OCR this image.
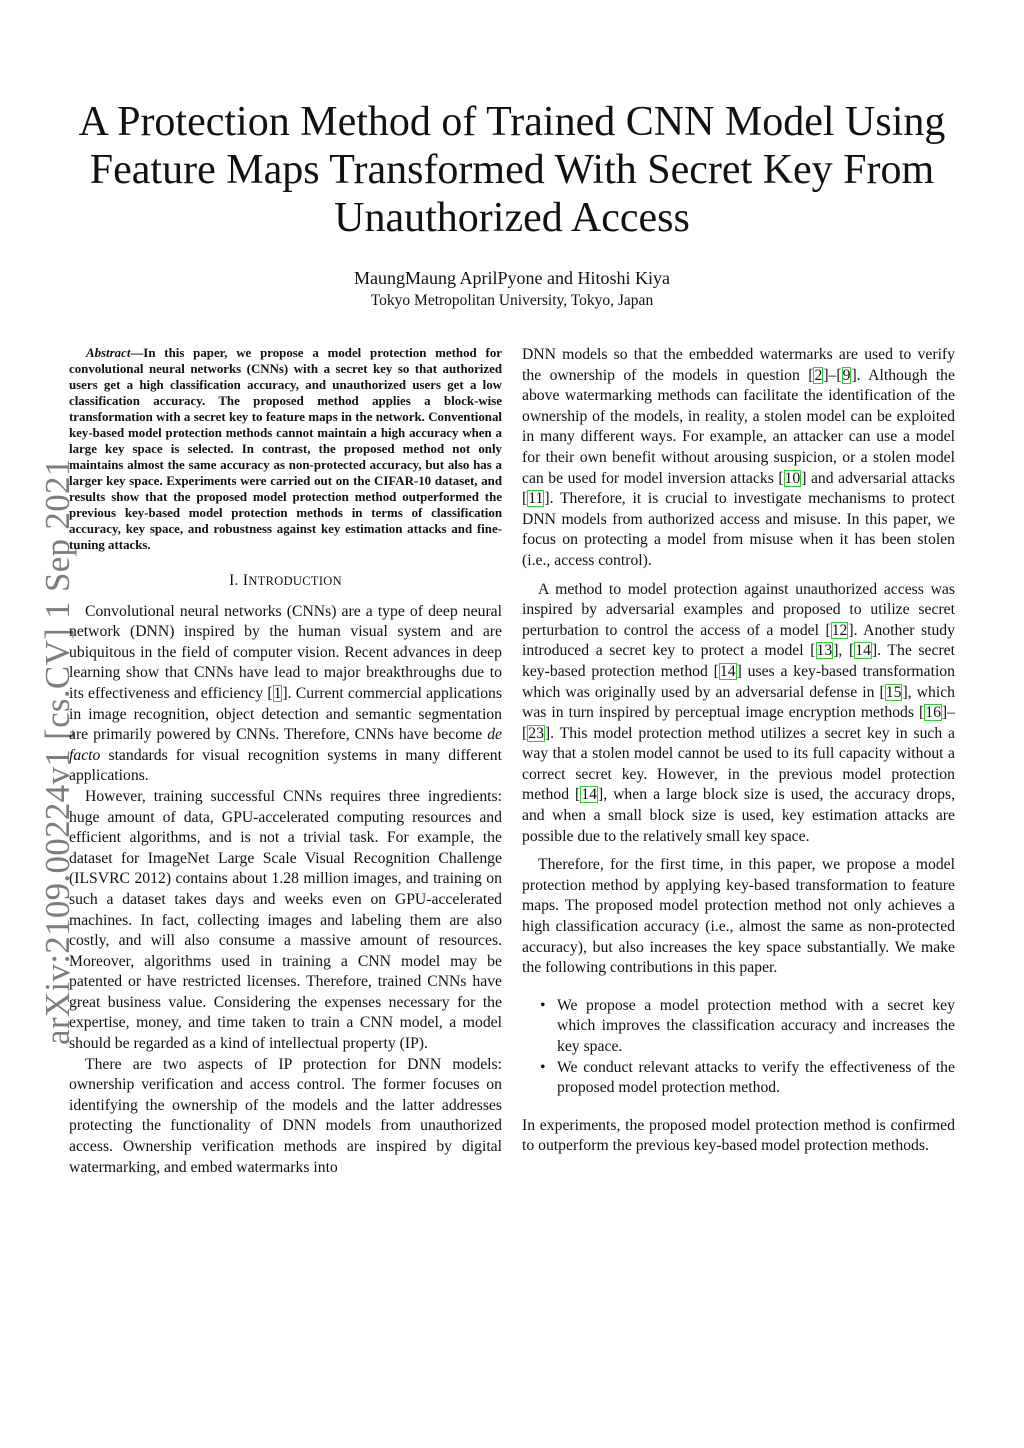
arXiv:2109.00224v1 [cs.CV] 1 Sep 2021
A Protection Method of Trained CNN Model Using Feature Maps Transformed With Secret Key From Unauthorized Access
MaungMaung AprilPyone and Hitoshi Kiya
Tokyo Metropolitan University, Tokyo, Japan

Abstract—In this paper, we propose a model protection method for convolutional neural networks (CNNs) with a secret key so that authorized users get a high classification accuracy, and unauthorized users get a low classification accuracy. The proposed method applies a block-wise transformation with a secret key to feature maps in the network. Conventional key-based model protection methods cannot maintain a high accuracy when a large key space is selected. In contrast, the proposed method not only maintains almost the same accuracy as non-protected accuracy, but also has a larger key space. Experiments were carried out on the CIFAR-10 dataset, and results show that the proposed model protection method outperformed the previous key-based model protection methods in terms of classification accuracy, key space, and robustness against key estimation attacks and fine-tuning attacks.

I. INTRODUCTION

Convolutional neural networks (CNNs) are a type of deep neural network (DNN) inspired by the human visual system and are ubiquitous in the field of computer vision. Recent advances in deep learning show that CNNs have lead to major breakthroughs due to its effectiveness and efficiency [1]. Current commercial applications in image recognition, object detection and semantic segmentation are primarily powered by CNNs. Therefore, CNNs have become de facto standards for visual recognition systems in many different applications.

However, training successful CNNs requires three ingredients: huge amount of data, GPU-accelerated computing resources and efficient algorithms, and is not a trivial task. For example, the dataset for ImageNet Large Scale Visual Recognition Challenge (ILSVRC 2012) contains about 1.28 million images, and training on such a dataset takes days and weeks even on GPU-accelerated machines. In fact, collecting images and labeling them are also costly, and will also consume a massive amount of resources. Moreover, algorithms used in training a CNN model may be patented or have restricted licenses. Therefore, trained CNNs have great business value. Considering the expenses necessary for the expertise, money, and time taken to train a CNN model, a model should be regarded as a kind of intellectual property (IP).

There are two aspects of IP protection for DNN models: ownership verification and access control. The former focuses on identifying the ownership of the models and the latter addresses protecting the functionality of DNN models from unauthorized access. Ownership verification methods are inspired by digital watermarking, and embed watermarks into

DNN models so that the embedded watermarks are used to verify the ownership of the models in question [2]–[9]. Although the above watermarking methods can facilitate the identification of the ownership of the models, in reality, a stolen model can be exploited in many different ways. For example, an attacker can use a model for their own benefit without arousing suspicion, or a stolen model can be used for model inversion attacks [10] and adversarial attacks [11]. Therefore, it is crucial to investigate mechanisms to protect DNN models from authorized access and misuse. In this paper, we focus on protecting a model from misuse when it has been stolen (i.e., access control).

A method to model protection against unauthorized access was inspired by adversarial examples and proposed to utilize secret perturbation to control the access of a model [12]. Another study introduced a secret key to protect a model [13], [14]. The secret key-based protection method [14] uses a key-based transformation which was originally used by an adversarial defense in [15], which was in turn inspired by perceptual image encryption methods [16]–[23]. This model protection method utilizes a secret key in such a way that a stolen model cannot be used to its full capacity without a correct secret key. However, in the previous model protection method [14], when a large block size is used, the accuracy drops, and when a small block size is used, key estimation attacks are possible due to the relatively small key space.

Therefore, for the first time, in this paper, we propose a model protection method by applying key-based transformation to feature maps. The proposed model protection method not only achieves a high classification accuracy (i.e., almost the same as non-protected accuracy), but also increases the key space substantially. We make the following contributions in this paper.

• We propose a model protection method with a secret key which improves the classification accuracy and increases the key space.
• We conduct relevant attacks to verify the effectiveness of the proposed model protection method.

In experiments, the proposed model protection method is confirmed to outperform the previous key-based model protection methods.
